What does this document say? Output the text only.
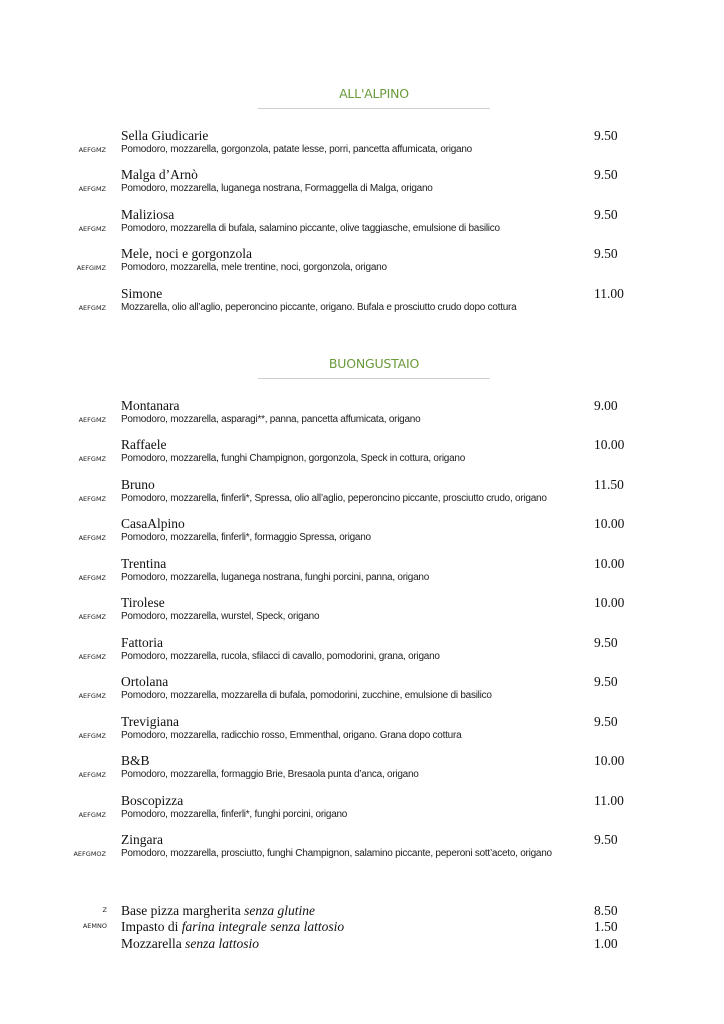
ALL'ALPINO
Sella Giudicarie	9.50
AEFGMZ Pomodoro, mozzarella, gorgonzola, patate lesse, porri, pancetta affumicata, origano
Malga d’Arnò	9.50
AEFGMZ Pomodoro, mozzarella, luganega nostrana, Formaggella di Malga, origano
Maliziosa	9.50
AEFGMZ Pomodoro, mozzarella di bufala, salamino piccante, olive taggiasche, emulsione di basilico
Mele, noci e gorgonzola	9.50
AEFGIMZ Pomodoro, mozzarella, mele trentine, noci, gorgonzola, origano
Simone	11.00
AEFGMZ Mozzarella, olio all’aglio, peperoncino piccante, origano. Bufala e prosciutto crudo dopo cottura
BUONGUSTAIO
Montanara	9.00
AEFGMZ Pomodoro, mozzarella, asparagi**, panna, pancetta affumicata, origano
Raffaele	10.00
AEFGMZ Pomodoro, mozzarella, funghi Champignon, gorgonzola, Speck in cottura, origano
Bruno	11.50
AEFGMZ Pomodoro, mozzarella, finferli*, Spressa, olio all’aglio, peperoncino piccante, prosciutto crudo, origano
CasaAlpino	10.00
AEFGMZ Pomodoro, mozzarella, finferli*, formaggio Spressa, origano
Trentina	10.00
AEFGMZ Pomodoro, mozzarella, luganega nostrana, funghi porcini, panna, origano
Tirolese	10.00
AEFGMZ Pomodoro, mozzarella, wurstel, Speck, origano
Fattoria	9.50
AEFGMZ Pomodoro, mozzarella, rucola, sfilacci di cavallo, pomodorini, grana, origano
Ortolana	9.50
AEFGMZ Pomodoro, mozzarella, mozzarella di bufala, pomodorini, zucchine, emulsione di basilico
Trevigiana	9.50
AEFGMZ Pomodoro, mozzarella, radicchio rosso, Emmenthal, origano. Grana dopo cottura
B&B	10.00
AEFGMZ Pomodoro, mozzarella, formaggio Brie, Bresaola punta d’anca, origano
Boscopizza	11.00
AEFGMZ Pomodoro, mozzarella, finferli*, funghi porcini, origano
Zingara	9.50
AEFGMOZ Pomodoro, mozzarella, prosciutto, funghi Champignon, salamino piccante, peperoni sott’aceto, origano
Z Base pizza margherita senza glutine	8.50
AEMNO Impasto di farina integrale senza lattosio	1.50
Mozzarella senza lattosio	1.00
